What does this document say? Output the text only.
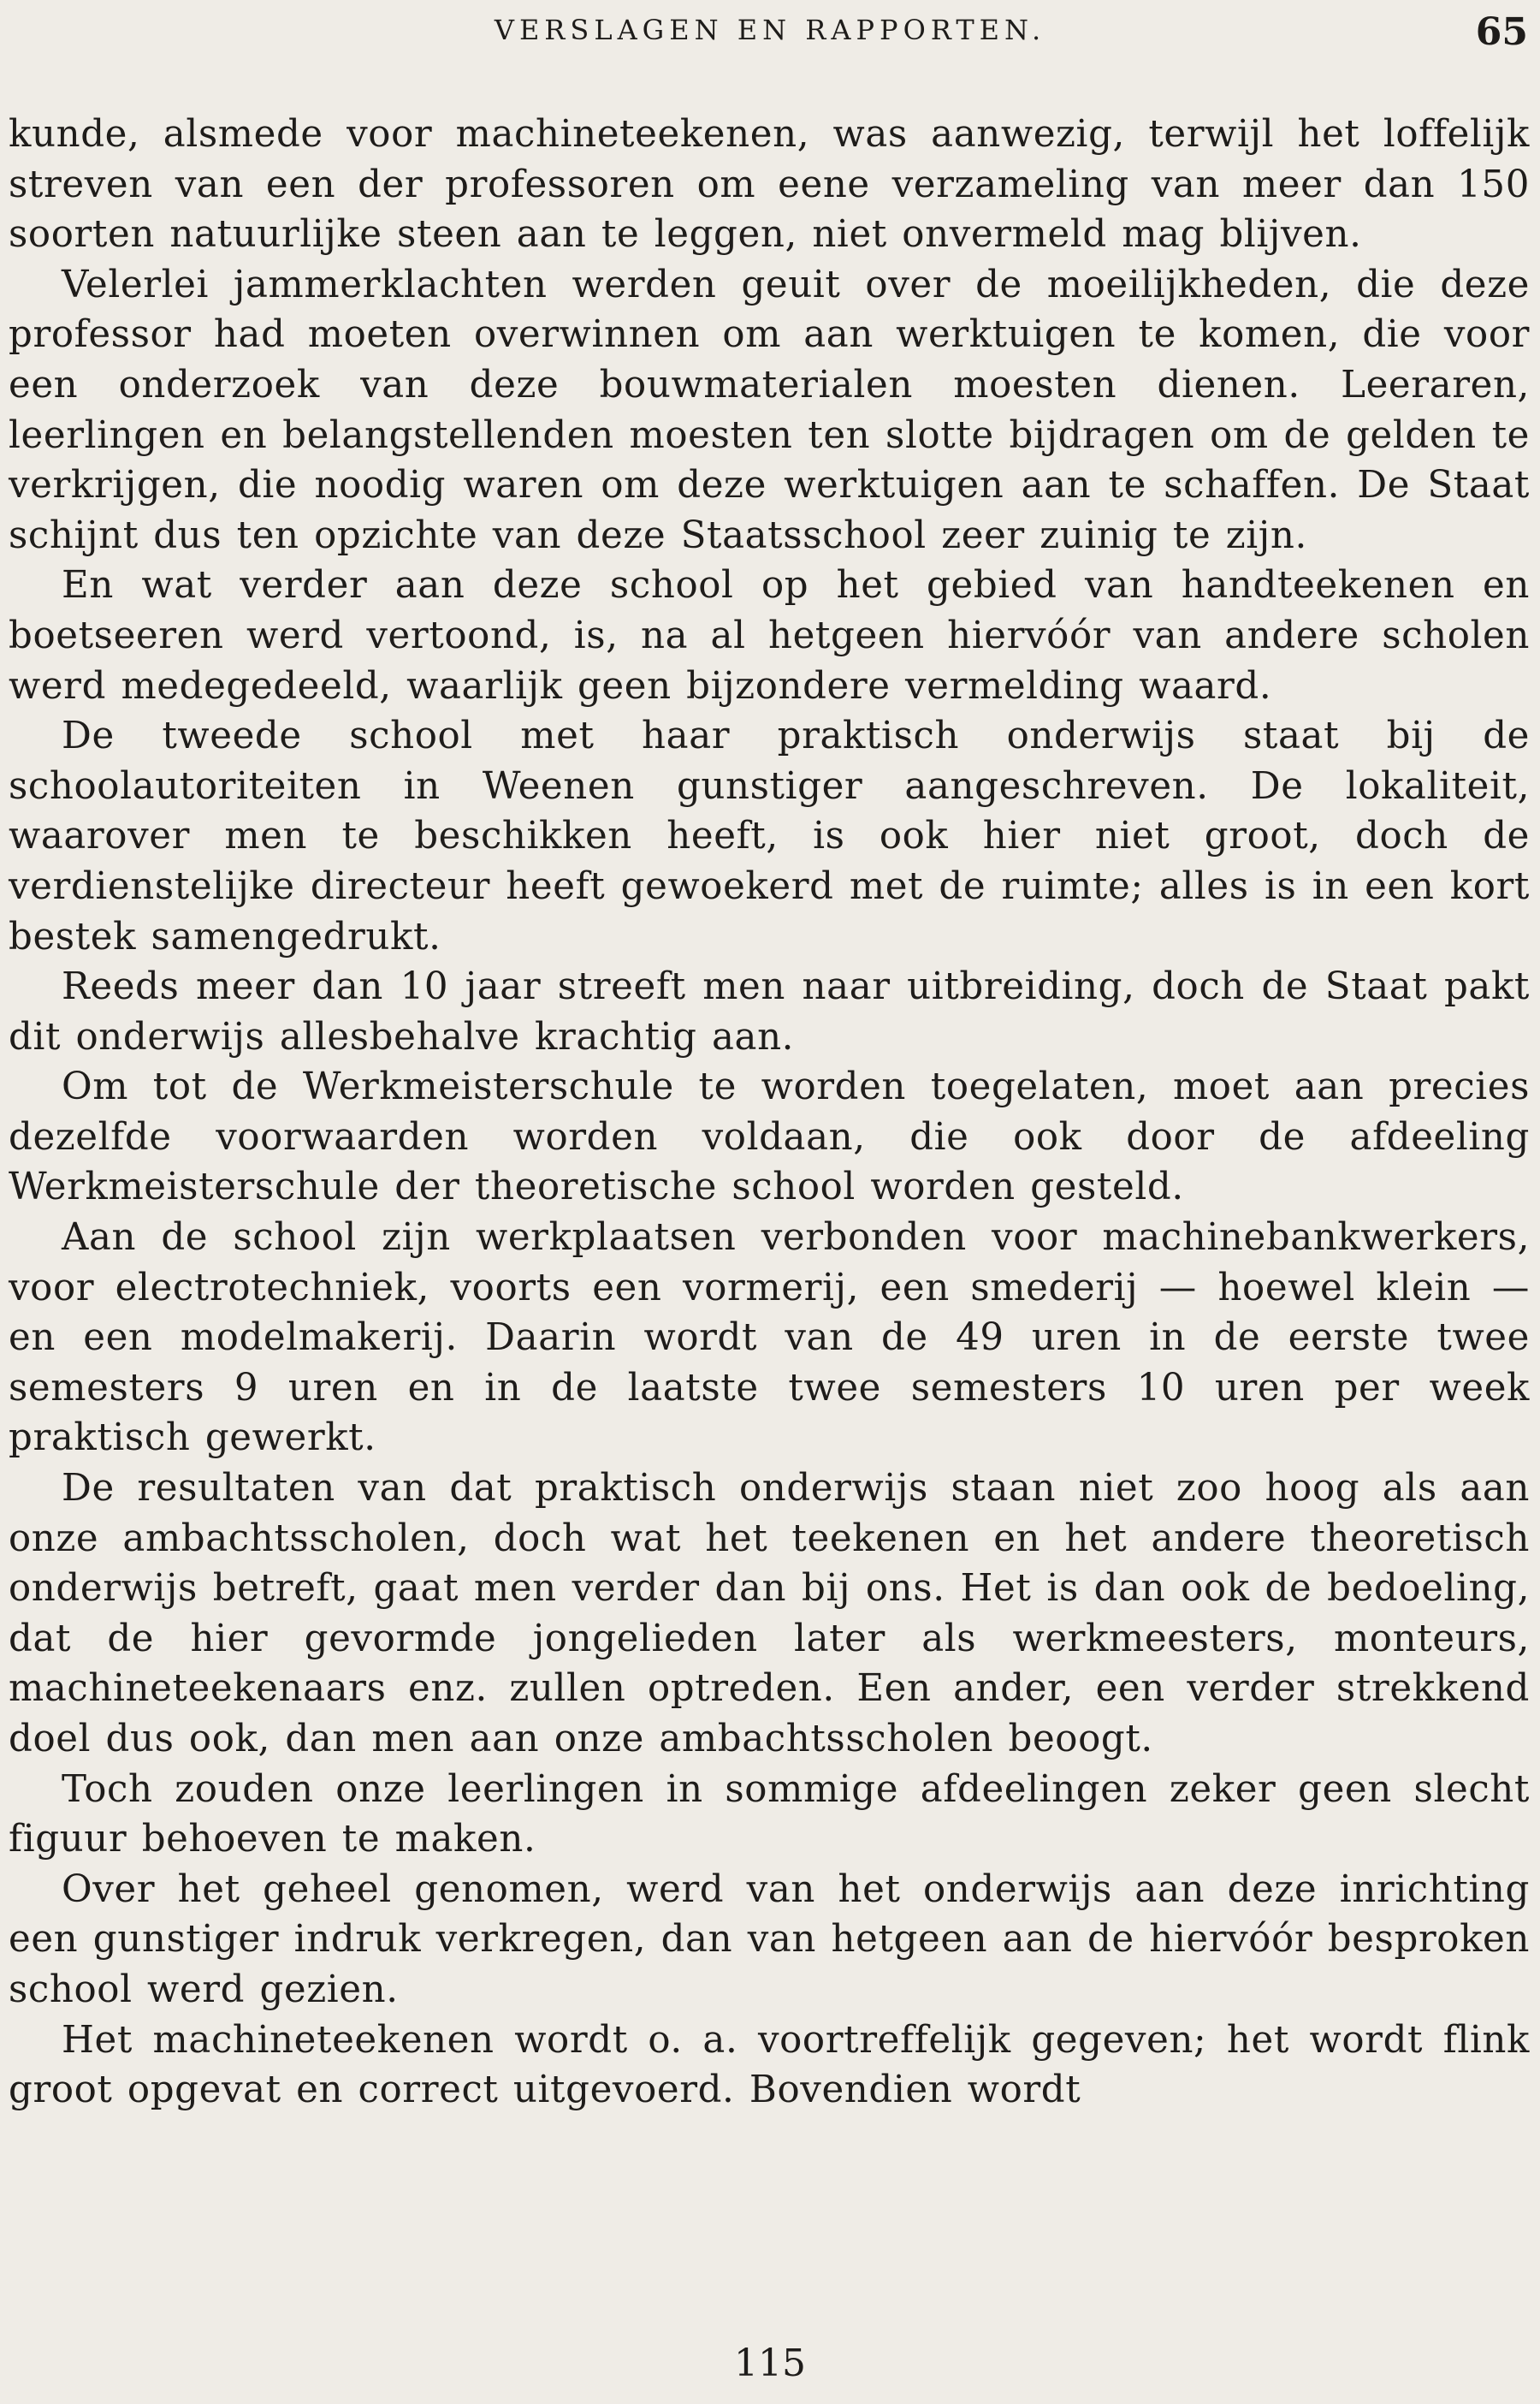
VERSLAGEN EN RAPPORTEN.	65

kunde, alsmede voor machineteekenen, was aanwezig, terwijl het loffelijk streven van een der professoren om eene verzameling van meer dan 150 soorten natuurlijke steen aan te leggen, niet onvermeld mag blijven.

Velerlei jammerklachten werden geuit over de moeilijkheden, die deze professor had moeten overwinnen om aan werktuigen te komen, die voor een onderzoek van deze bouwmaterialen moesten dienen. Leeraren, leerlingen en belangstellenden moesten ten slotte bijdragen om de gelden te verkrijgen, die noodig waren om deze werktuigen aan te schaffen. De Staat schijnt dus ten opzichte van deze Staatsschool zeer zuinig te zijn.

En wat verder aan deze school op het gebied van handteekenen en boetseeren werd vertoond, is, na al hetgeen hiervóór van andere scholen werd medegedeeld, waarlijk geen bijzondere vermelding waard.

De tweede school met haar praktisch onderwijs staat bij de schoolautoriteiten in Weenen gunstiger aangeschreven. De lokaliteit, waarover men te beschikken heeft, is ook hier niet groot, doch de verdienstelijke directeur heeft gewoekerd met de ruimte; alles is in een kort bestek samengedrukt.

Reeds meer dan 10 jaar streeft men naar uitbreiding, doch de Staat pakt dit onderwijs allesbehalve krachtig aan.

Om tot de Werkmeisterschule te worden toegelaten, moet aan precies dezelfde voorwaarden worden voldaan, die ook door de afdeeling Werkmeisterschule der theoretische school worden gesteld.

Aan de school zijn werkplaatsen verbonden voor machinebankwerkers, voor electrotechniek, voorts een vormerij, een smederij — hoewel klein — en een modelmakerij. Daarin wordt van de 49 uren in de eerste twee semesters 9 uren en in de laatste twee semesters 10 uren per week praktisch gewerkt.

De resultaten van dat praktisch onderwijs staan niet zoo hoog als aan onze ambachtsscholen, doch wat het teekenen en het andere theoretisch onderwijs betreft, gaat men verder dan bij ons. Het is dan ook de bedoeling, dat de hier gevormde jongelieden later als werkmeesters, monteurs, machineteekenaars enz. zullen optreden. Een ander, een verder strekkend doel dus ook, dan men aan onze ambachtsscholen beoogt.

Toch zouden onze leerlingen in sommige afdeelingen zeker geen slecht figuur behoeven te maken.

Over het geheel genomen, werd van het onderwijs aan deze inrichting een gunstiger indruk verkregen, dan van hetgeen aan de hiervóór besproken school werd gezien.

Het machineteekenen wordt o. a. voortreffelijk gegeven; het wordt flink groot opgevat en correct uitgevoerd. Bovendien wordt

115
